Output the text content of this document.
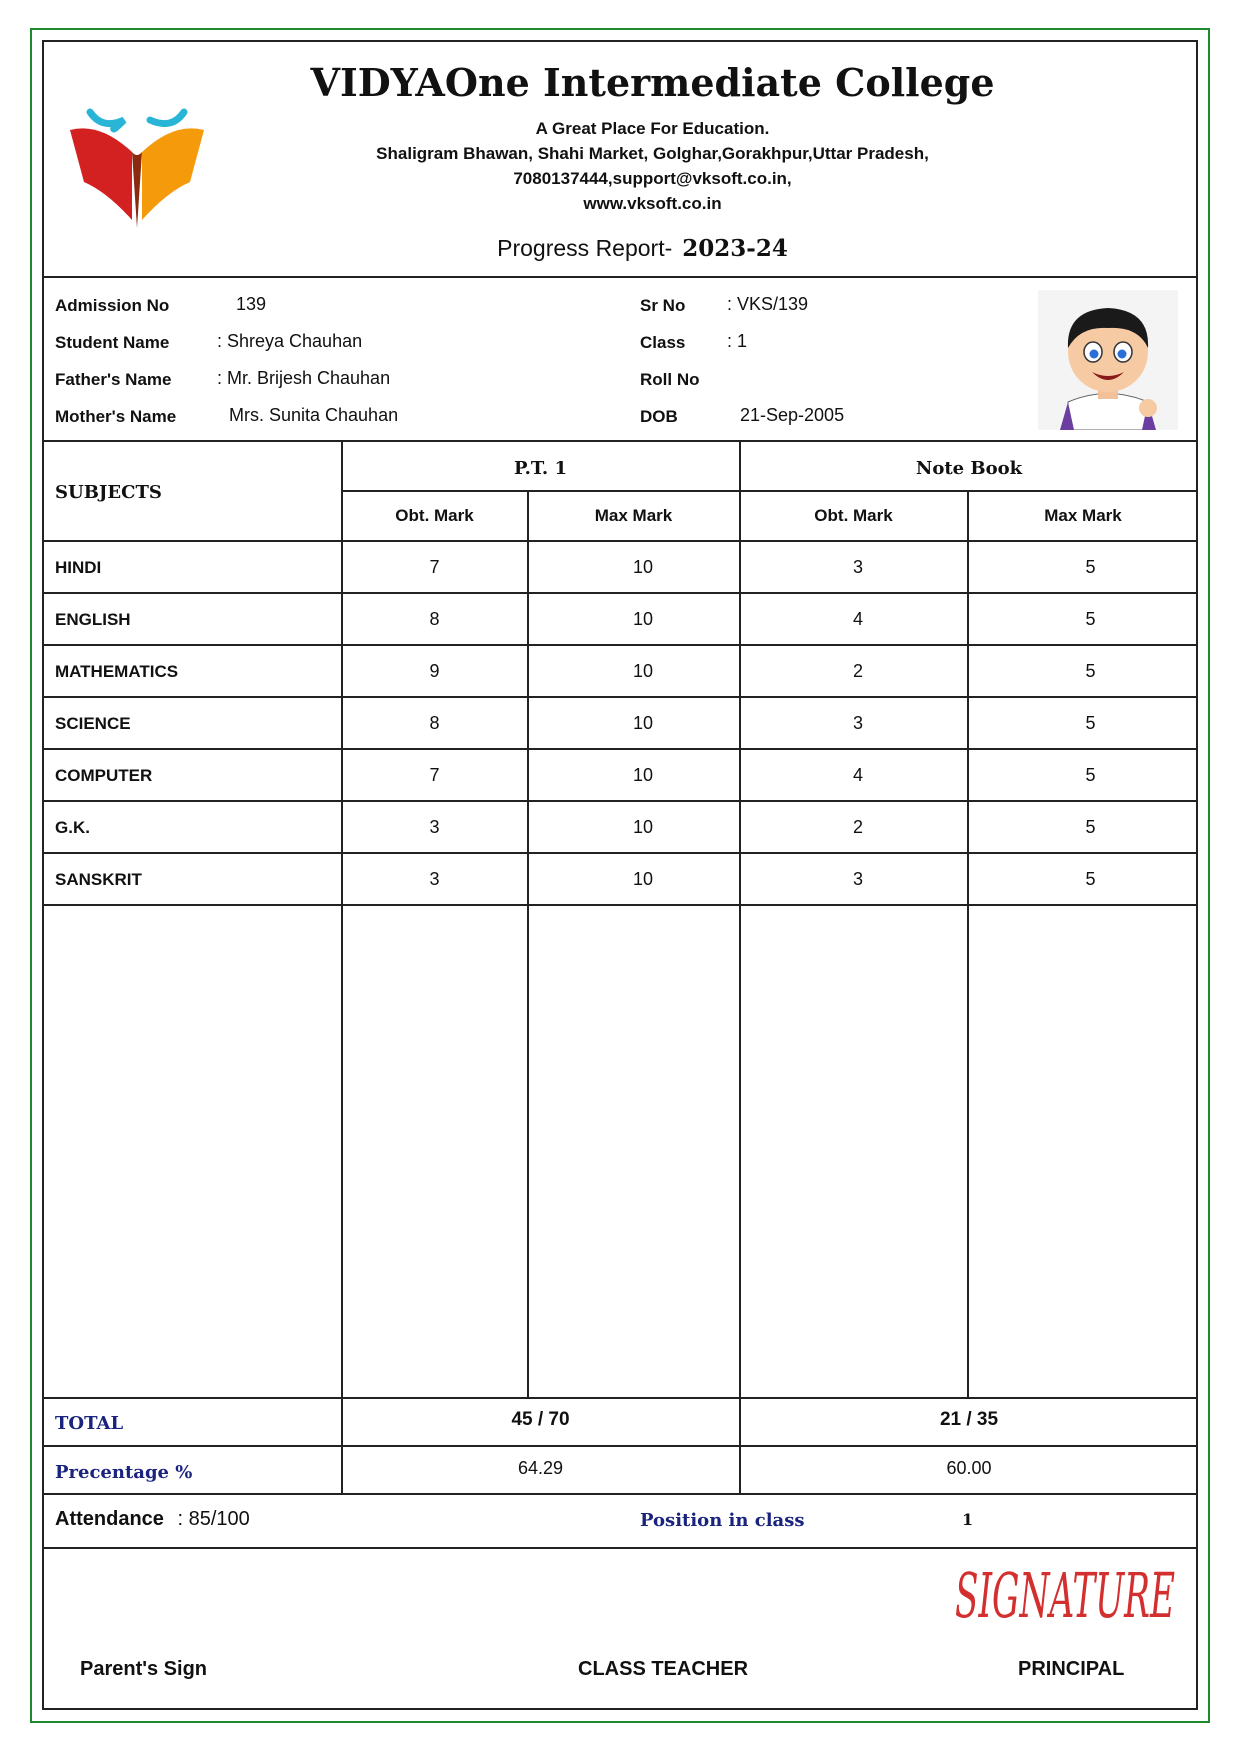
VIDYAOne Intermediate College
A Great Place For Education.
Shaligram Bhawan, Shahi Market, Golghar,Gorakhpur,Uttar Pradesh,
7080137444,support@vksoft.co.in,
www.vksoft.co.in
Progress Report- 2023-24
Admission No	139
Student Name	: Shreya Chauhan
Father's Name	: Mr. Brijesh Chauhan
Mother's Name	Mrs. Sunita Chauhan
Sr No : VKS/139
Class : 1
Roll No
DOB	21-Sep-2005
SUBJECTS
P.T. 1	Note Book
Obt. Mark	Max Mark	Obt. Mark	Max Mark
HINDI	7	10	3	5
ENGLISH	8	10	4	5
MATHEMATICS	9	10	2	5
SCIENCE	8	10	3	5
COMPUTER	7	10	4	5
G.K.	3	10	2	5
SANSKRIT	3	10	3	5
TOTAL	45 / 70	21 / 35
Precentage %	64.29	60.00
Attendance : 85/100	Position in class	1
SIGNATURE
Parent's Sign	CLASS TEACHER	PRINCIPAL
